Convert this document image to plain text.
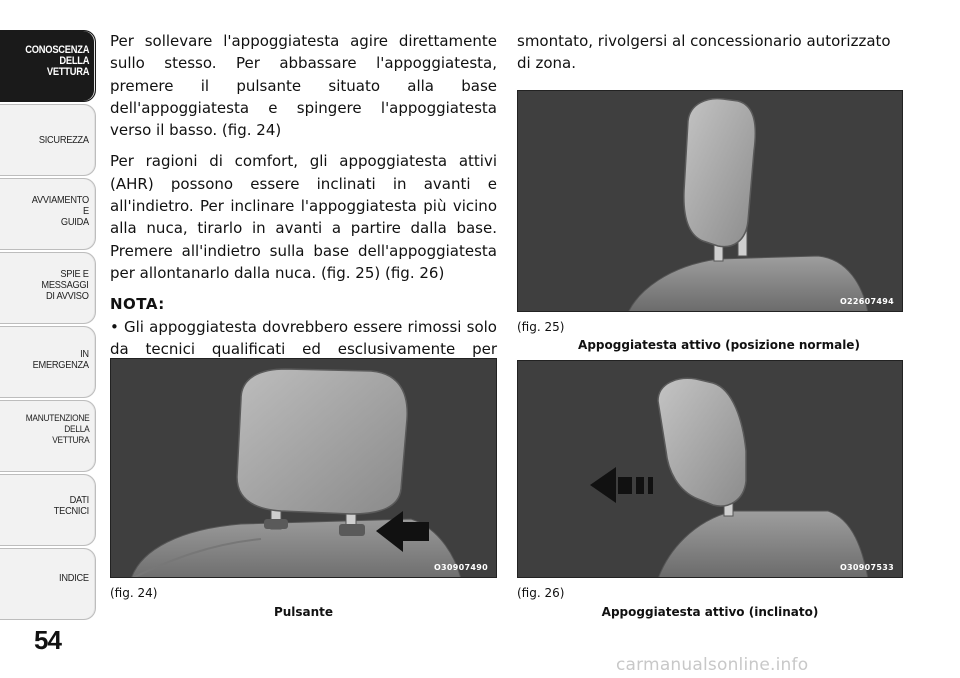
CONOSCENZA
DELLA
VETTURA
SICUREZZA
AVVIAMENTO
E
GUIDA
SPIE E
MESSAGGI
DI AVVISO
IN
EMERGENZA
MANUTENZIONE
DELLA
VETTURA
DATI
TECNICI
INDICE
54

Per sollevare l'appoggiatesta agire direttamente sullo stesso. Per abbassare l'appoggiatesta, premere il pulsante situato alla base dell'appoggiatesta e spingere l'appoggiatesta verso il basso. (fig. 24)

Per ragioni di comfort, gli appoggiatesta attivi (AHR) possono essere inclinati in avanti e all'indietro. Per inclinare l'appoggiatesta più vicino alla nuca, tirarlo in avanti a partire dalla base. Premere all'indietro sulla base dell'appoggiatesta per allontanarlo dalla nuca. (fig. 25) (fig. 26)

NOTA:

• Gli appoggiatesta dovrebbero essere rimossi solo da tecnici qualificati ed esclusivamente per

smontato, rivolgersi al concessionario autorizzato di zona.

O30907490
(fig. 24)
Pulsante
O22607494
(fig. 25)
Appoggiatesta attivo (posizione normale)
O30907533
(fig. 26)
Appoggiatesta attivo (inclinato)
carmanualsonline.info
